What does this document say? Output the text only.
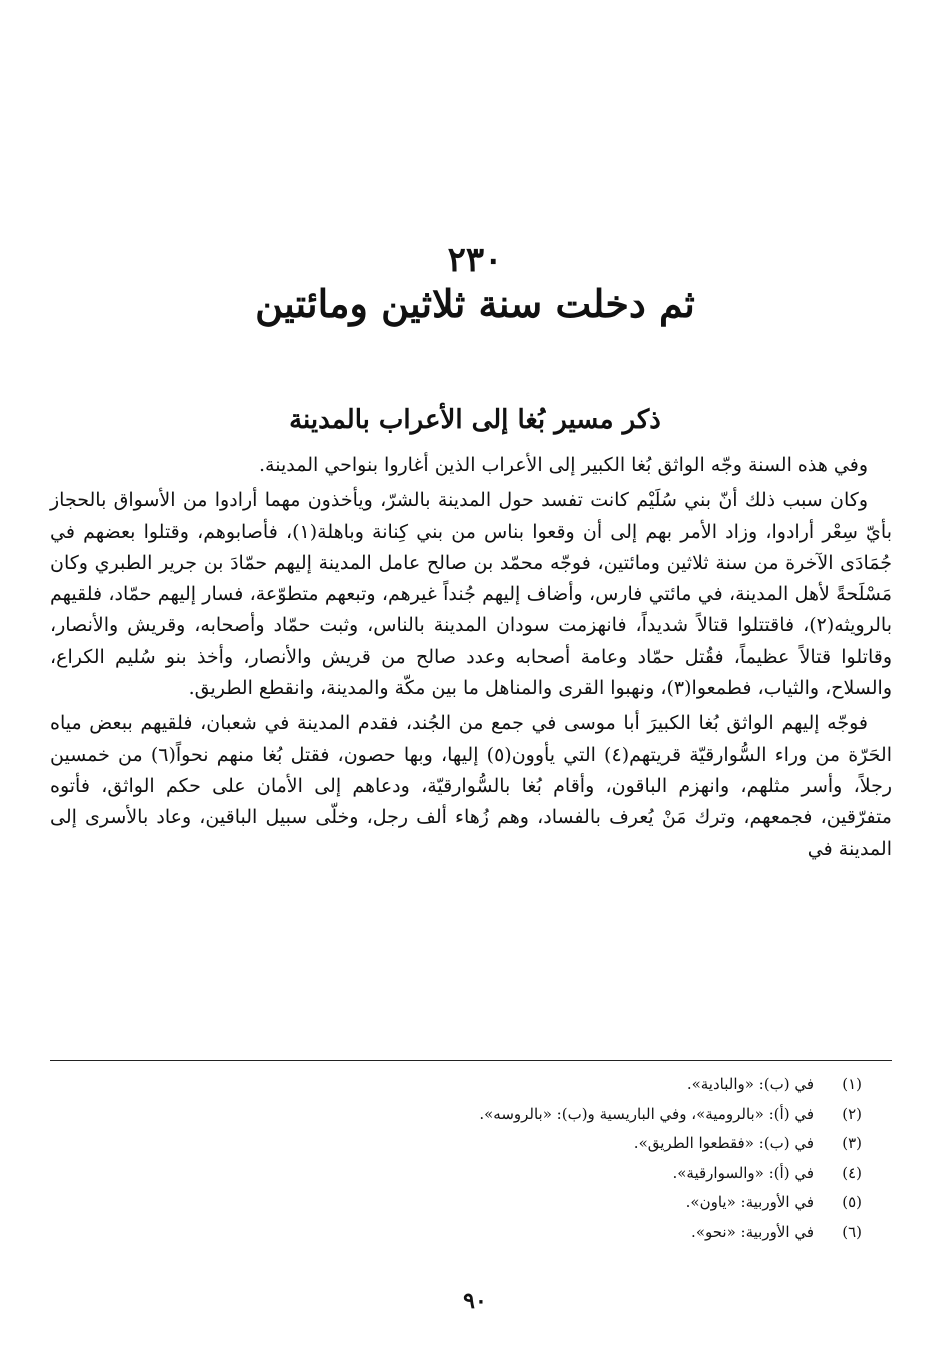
٢٣٠
ثم دخلت سنة ثلاثين ومائتين
ذكر مسير بُغا إلى الأعراب بالمدينة

وفي هذه السنة وجّه الواثق بُغا الكبير إلى الأعراب الذين أغاروا بنواحي المدينة.

وكان سبب ذلك أنّ بني سُلَيْم كانت تفسد حول المدينة بالشرّ، ويأخذون مهما أرادوا من الأسواق بالحجاز بأيّ سِعْر أرادوا، وزاد الأمر بهم إلى أن وقعوا بناس من بني كِنانة وباهلة(١)، فأصابوهم، وقتلوا بعضهم في جُمَادَى الآخرة من سنة ثلاثين ومائتين، فوجّه محمّد بن صالح عامل المدينة إليهم حمّادَ بن جرير الطبري وكان مَسْلَحةً لأهل المدينة، في مائتي فارس، وأضاف إليهم جُنداً غيرهم، وتبعهم متطوّعة، فسار إليهم حمّاد، فلقيهم بالرويثه(٢)، فاقتتلوا قتالاً شديداً، فانهزمت سودان المدينة بالناس، وثبت حمّاد وأصحابه، وقريش والأنصار، وقاتلوا قتالاً عظيماً، فقُتل حمّاد وعامة أصحابه وعدد صالح من قريش والأنصار، وأخذ بنو سُليم الكراع، والسلاح، والثياب، فطمعوا(٣)، ونهبوا القرى والمناهل ما بين مكّة والمدينة، وانقطع الطريق.

فوجّه إليهم الواثق بُغا الكبيرَ أبا موسى في جمع من الجُند، فقدم المدينة في شعبان، فلقيهم ببعض مياه الحَرّة من وراء السُّوارقيّة قريتهم(٤) التي يأوون(٥) إليها، وبها حصون، فقتل بُغا منهم نحواً(٦) من خمسين رجلاً، وأسر مثلهم، وانهزم الباقون، وأقام بُغا بالسُّوارقيّة، ودعاهم إلى الأمان على حكم الواثق، فأتوه متفرّقين، فجمعهم، وترك مَنْ يُعرف بالفساد، وهم زُهاء ألف رجل، وخلّى سبيل الباقين، وعاد بالأسرى إلى المدينة في

(١)
في (ب): «والبادية».
(٢)
في (أ): «بالرومية»، وفي الباريسية و(ب): «بالروسه».
(٣)
في (ب): «فقطعوا الطريق».
(٤)
في (أ): «والسوارقية».
(٥)
في الأوربية: «ياون».
(٦)
في الأوربية: «نحو».
٩٠
